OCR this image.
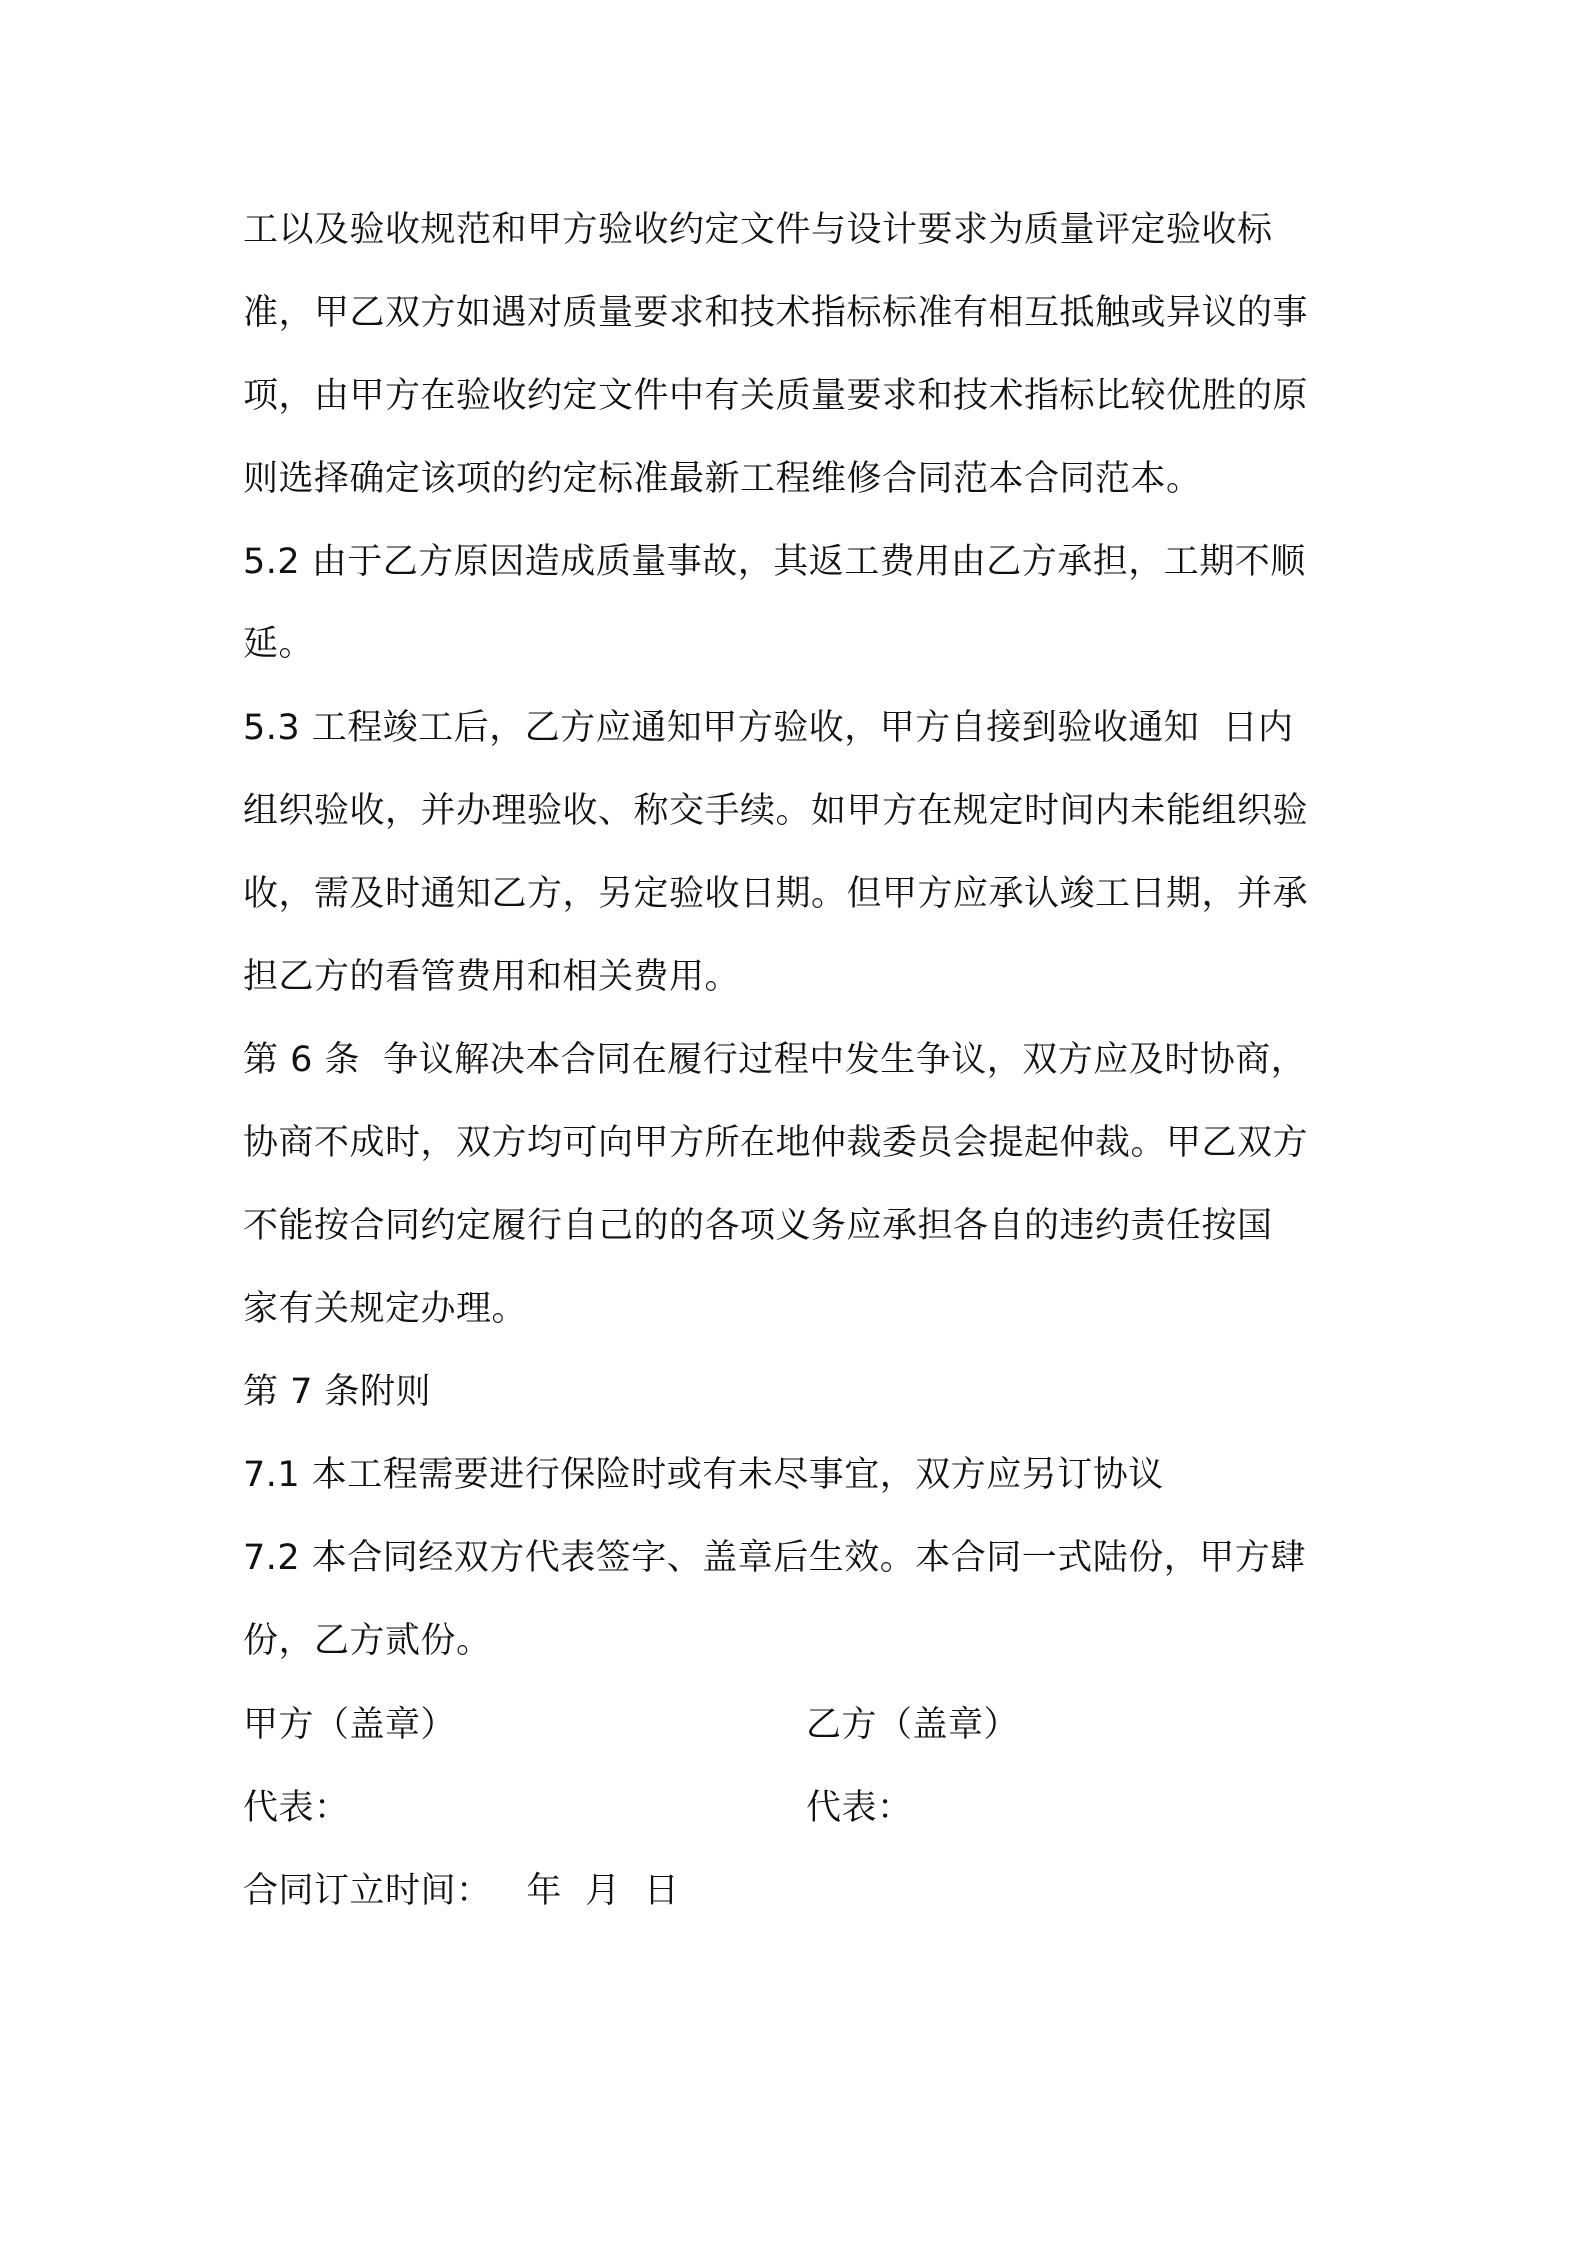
工以及验收规范和甲方验收约定文件与设计要求为质量评定验收标
准，甲乙双方如遇对质量要求和技术指标标准有相互抵触或异议的事
项，由甲方在验收约定文件中有关质量要求和技术指标比较优胜的原
则选择确定该项的约定标准最新工程维修合同范本合同范本。
5.2 由于乙方原因造成质量事故，其返工费用由乙方承担，工期不顺
延。
5.3 工程竣工后，乙方应通知甲方验收，甲方自接到验收通知  日内
组织验收，并办理验收、称交手续。如甲方在规定时间内未能组织验
收，需及时通知乙方，另定验收日期。但甲方应承认竣工日期，并承
担乙方的看管费用和相关费用。
第 6 条  争议解决本合同在履行过程中发生争议，双方应及时协商，
协商不成时，双方均可向甲方所在地仲裁委员会提起仲裁。甲乙双方
不能按合同约定履行自己的的各项义务应承担各自的违约责任按国
家有关规定办理。
第 7 条附则
7.1 本工程需要进行保险时或有未尽事宜，双方应另订协议
7.2 本合同经双方代表签字、盖章后生效。本合同一式陆份，甲方肆
份，乙方贰份。
甲方（盖章）	乙方（盖章）
代表：	代表：
合同订立时间：   年  月  日
